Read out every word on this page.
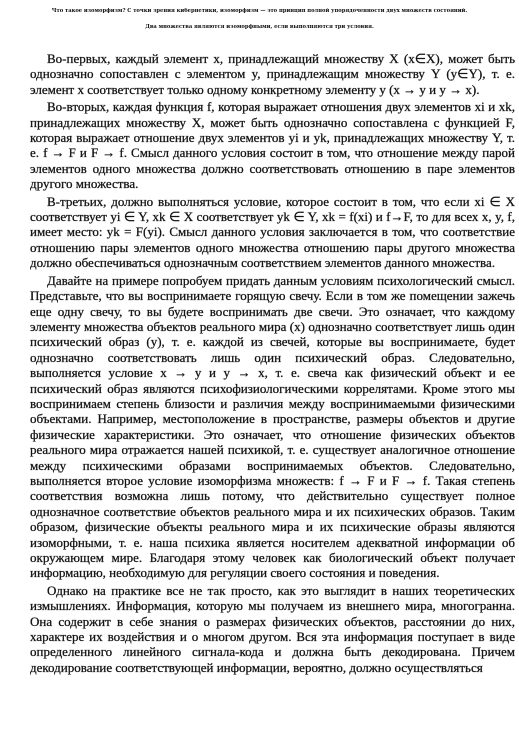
Что такое изоморфизм? С точки зрения кибернетики, изоморфизм — это принцип полной упорядоченности двух множеств состояний.
Два множества являются изоморфными, если выполняются три условия.

Во-первых, каждый элемент x, принадлежащий множеству X (x∈X), может быть однозначно сопоставлен с элементом y, принадлежащим множеству Y (y∈Y), т. е. элемент x соответствует только одному конкретному элементу y (x → y и y → x).

Во-вторых, каждая функция f, которая выражает отношения двух элементов xi и xk, принадлежащих множеству X, может быть однозначно сопоставлена с функцией F, которая выражает отношение двух элементов yi и yk, принадлежащих множеству Y, т. е. f → F и F → f. Смысл данного условия состоит в том, что отношение между парой элементов одного множества должно соответствовать отношению в паре элементов другого множества.

В-третьих, должно выполняться условие, которое состоит в том, что если xi ∈ X соответствует yi ∈ Y, xk ∈ X соответствует yk ∈ Y, xk = f(xi) и f→F, то для всех x, y, f, имеет место: yk = F(yi). Смысл данного условия заключается в том, что соответствие отношению пары элементов одного множества отношению пары другого множества должно обеспечиваться однозначным соответствием элементов данного множества.

Давайте на примере попробуем придать данным условиям психологический смысл. Представьте, что вы воспринимаете горящую свечу. Если в том же помещении зажечь еще одну свечу, то вы будете воспринимать две свечи. Это означает, что каждому элементу множества объектов реального мира (x) однозначно соответствует лишь один психический образ (y), т. е. каждой из свечей, которые вы воспринимаете, будет однозначно соответствовать лишь один психический образ. Следовательно, выполняется условие x → y и y → x, т. е. свеча как физический объект и ее психический образ являются психофизиологическими коррелятами. Кроме этого мы воспринимаем степень близости и различия между воспринимаемыми физическими объектами. Например, местоположение в пространстве, размеры объектов и другие физические характеристики. Это означает, что отношение физических объектов реального мира отражается нашей психикой, т. е. существует аналогичное отношение между психическими образами воспринимаемых объектов. Следовательно, выполняется второе условие изоморфизма множеств: f → F и F → f. Такая степень соответствия возможна лишь потому, что действительно существует полное однозначное соответствие объектов реального мира и их психических образов. Таким образом, физические объекты реального мира и их психические образы являются изоморфными, т. е. наша психика является носителем адекватной информации об окружающем мире. Благодаря этому человек как биологический объект получает информацию, необходимую для регуляции своего состояния и поведения.

Однако на практике все не так просто, как это выглядит в наших теоретических измышлениях. Информация, которую мы получаем из внешнего мира, многогранна. Она содержит в себе знания о размерах физических объектов, расстоянии до них, характере их воздействия и о многом другом. Вся эта информация поступает в виде определенного линейного сигнала-кода и должна быть декодирована. Причем декодирование соответствующей информации, вероятно, должно осуществляться
